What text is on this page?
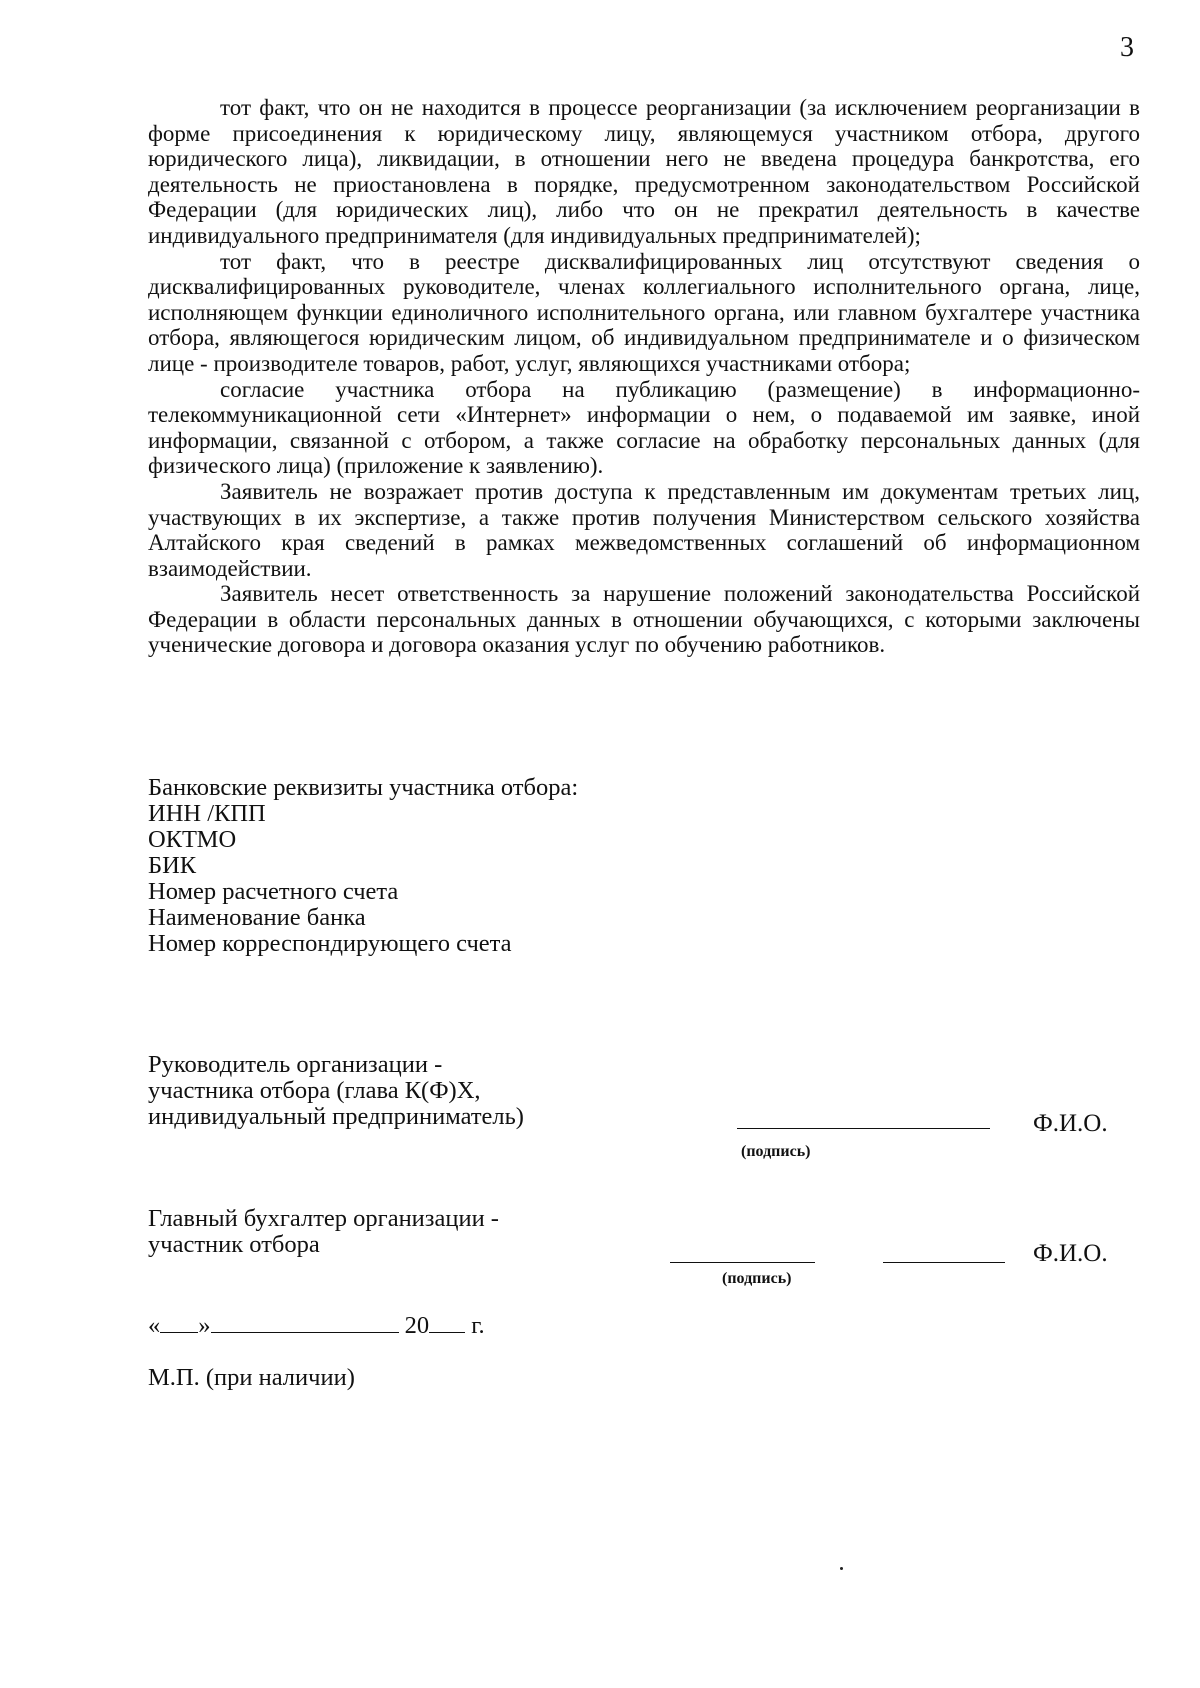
3

тот факт, что он не находится в процессе реорганизации (за исключением реорганизации в форме присоединения к юридическому лицу, являющемуся участником отбора, другого юридического лица), ликвидации, в отношении него не введена процедура банкротства, его деятельность не приостановлена в порядке, предусмотренном законодательством Российской Федерации (для юридических лиц), либо что он не прекратил деятельность в качестве индивидуального предпринимателя (для индивидуальных предпринимателей);

тот факт, что в реестре дисквалифицированных лиц отсутствуют сведения о дисквалифицированных руководителе, членах коллегиального исполнительного органа, лице, исполняющем функции единоличного исполнительного органа, или главном бухгалтере участника отбора, являющегося юридическим лицом, об индивидуальном предпринимателе и о физическом лице - производителе товаров, работ, услуг, являющихся участниками отбора;

согласие участника отбора на публикацию (размещение) в информационно-телекоммуникационной сети «Интернет» информации о нем, о подаваемой им заявке, иной информации, связанной с отбором, а также согласие на обработку персональных данных (для физического лица) (приложение к заявлению).

Заявитель не возражает против доступа к представленным им документам третьих лиц, участвующих в их экспертизе, а также против получения Министерством сельского хозяйства Алтайского края сведений в рамках межведомственных соглашений об информационном взаимодействии.

Заявитель несет ответственность за нарушение положений законодательства Российской Федерации в области персональных данных в отношении обучающихся, с которыми заключены ученические договора и договора оказания услуг по обучению работников.

Банковские реквизиты участника отбора:
ИНН /КПП
ОКТМО
БИК
Номер расчетного счета
Наименование банка
Номер корреспондирующего счета
Руководитель организации -
участника отбора (глава К(Ф)Х,
индивидуальный предприниматель)
(подпись)
Ф.И.О.
Главный бухгалтер организации -
участник отбора
(подпись)
Ф.И.О.
« »	20 г.
М.П. (при наличии)
